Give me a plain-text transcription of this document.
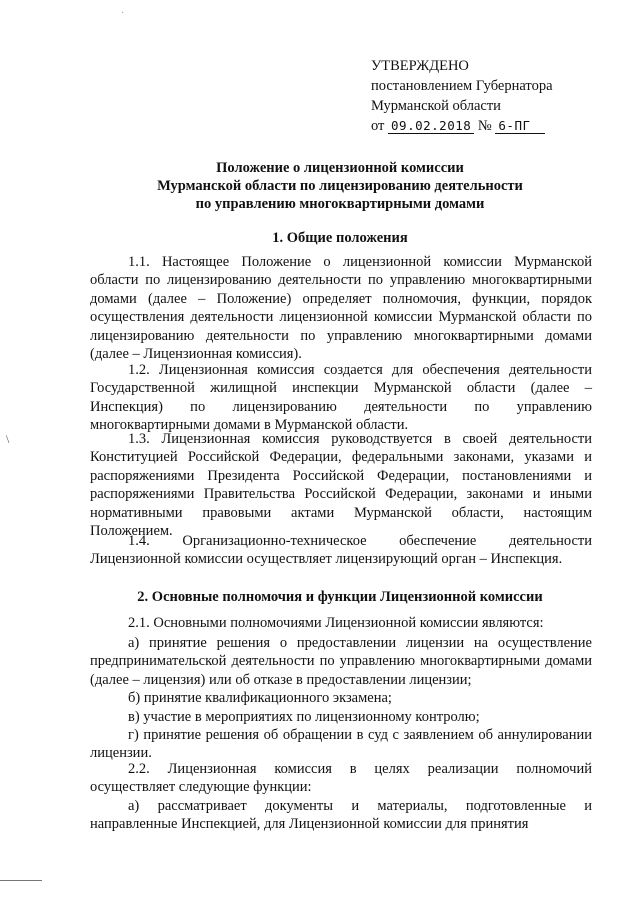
·
\
УТВЕРЖДЕНО
постановлением Губернатора
Мурманской области
от 09.02.2018 № 6-ПГ
Положение о лицензионной комиссии
Мурманской области по лицензированию деятельности
по управлению многоквартирными домами
1. Общие положения

1.1. Настоящее Положение о лицензионной комиссии Мурманской области по лицензированию деятельности по управлению многоквартирными домами (далее – Положение) определяет полномочия, функции, порядок осуществления деятельности лицензионной комиссии Мурманской области по лицензированию деятельности по управлению многоквартирными домами (далее – Лицензионная комиссия).

1.2. Лицензионная комиссия создается для обеспечения деятельности Государственной жилищной инспекции Мурманской области (далее – Инспекция) по лицензированию деятельности по управлению многоквартирными домами в Мурманской области.

1.3. Лицензионная комиссия руководствуется в своей деятельности Конституцией Российской Федерации, федеральными законами, указами и распоряжениями Президента Российской Федерации, постановлениями и распоряжениями Правительства Российской Федерации, законами и иными нормативными правовыми актами Мурманской области, настоящим Положением.

1.4. Организационно-техническое обеспечение деятельности Лицензионной комиссии осуществляет лицензирующий орган – Инспекция.

2. Основные полномочия и функции Лицензионной комиссии

2.1. Основными полномочиями Лицензионной комиссии являются:

а) принятие решения о предоставлении лицензии на осуществление предпринимательской деятельности по управлению многоквартирными домами (далее – лицензия) или об отказе в предоставлении лицензии;

б) принятие квалификационного экзамена;

в) участие в мероприятиях по лицензионному контролю;

г) принятие решения об обращении в суд с заявлением об аннулировании лицензии.

2.2. Лицензионная комиссия в целях реализации полномочий осуществляет следующие функции:

а) рассматривает документы и материалы, подготовленные и направленные Инспекцией, для Лицензионной комиссии для принятия
